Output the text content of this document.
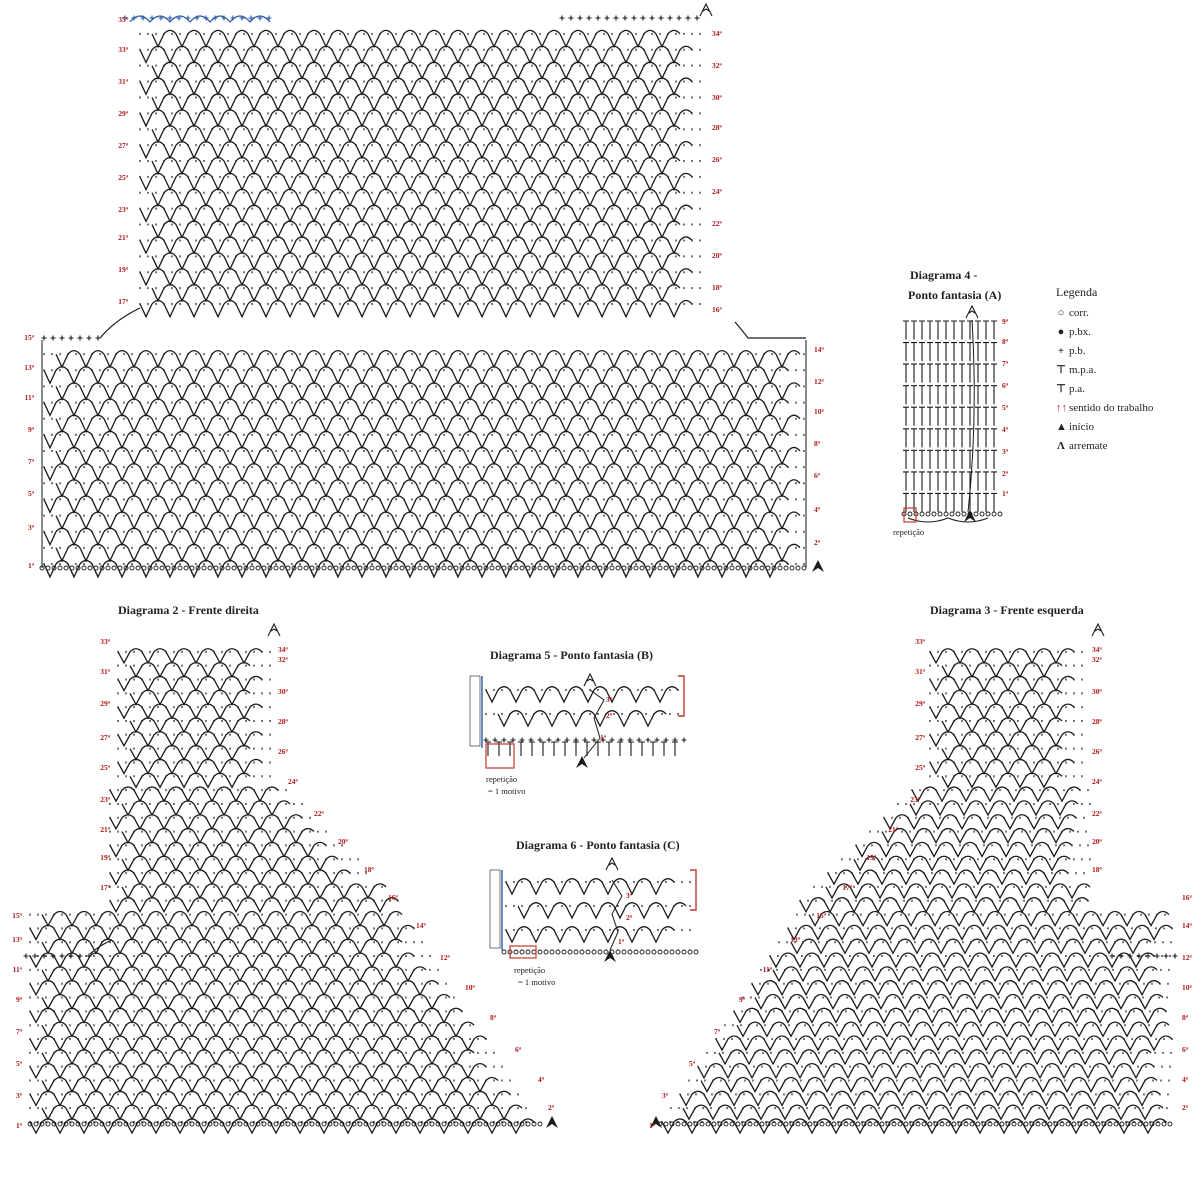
1ª
3ª
5ª
7ª
9ª
11ª
13ª
15ª
17ª
19ª
21ª
23ª
25ª
27ª
29ª
31ª
33ª
35ª
2ª
4ª
6ª
8ª
10ª
12ª
14ª
16ª
18ª
20ª
22ª
24ª
26ª
28ª
30ª
32ª
34ª
1ª
3ª
5ª
7ª
9ª
11ª
13ª
15ª
17ª
19ª
21ª
23ª
25ª
27ª
29ª
31ª
33ª
2ª
4ª
6ª
8ª
10ª
12ª
14ª
16ª
18ª
20ª
22ª
24ª
26ª
28ª
30ª
32ª
34ª
1ª
3ª
5ª
7ª
9ª
11ª
13ª
15ª
17ª
19ª
21ª
23ª
25ª
27ª
29ª
31ª
33ª
2ª
4ª
6ª
8ª
10ª
12ª
14ª
16ª
18ª
20ª
22ª
24ª
26ª
28ª
30ª
32ª
34ª
1ª
2ª
3ª
4ª
5ª
6ª
7ª
8ª
9ª
1ª
2ª
3ª
1ª
2ª
3ª
Diagrama 2 - Frente direita	Diagrama 3 - Frente esquerda
Diagrama 4 -
Ponto fantasia (A)
repetição
Diagrama 5 - Ponto fantasia (B)
repetição
= 1 motivo
Diagrama 6 - Ponto fantasia (C)
repetição
= 1 motivo
Legenda
○ corr.
● p.bx.
+ p.b.
⊤ m.p.a.
⊤ p.a.
↑↑ sentido do trabalho
▲ início
Λ arremate
